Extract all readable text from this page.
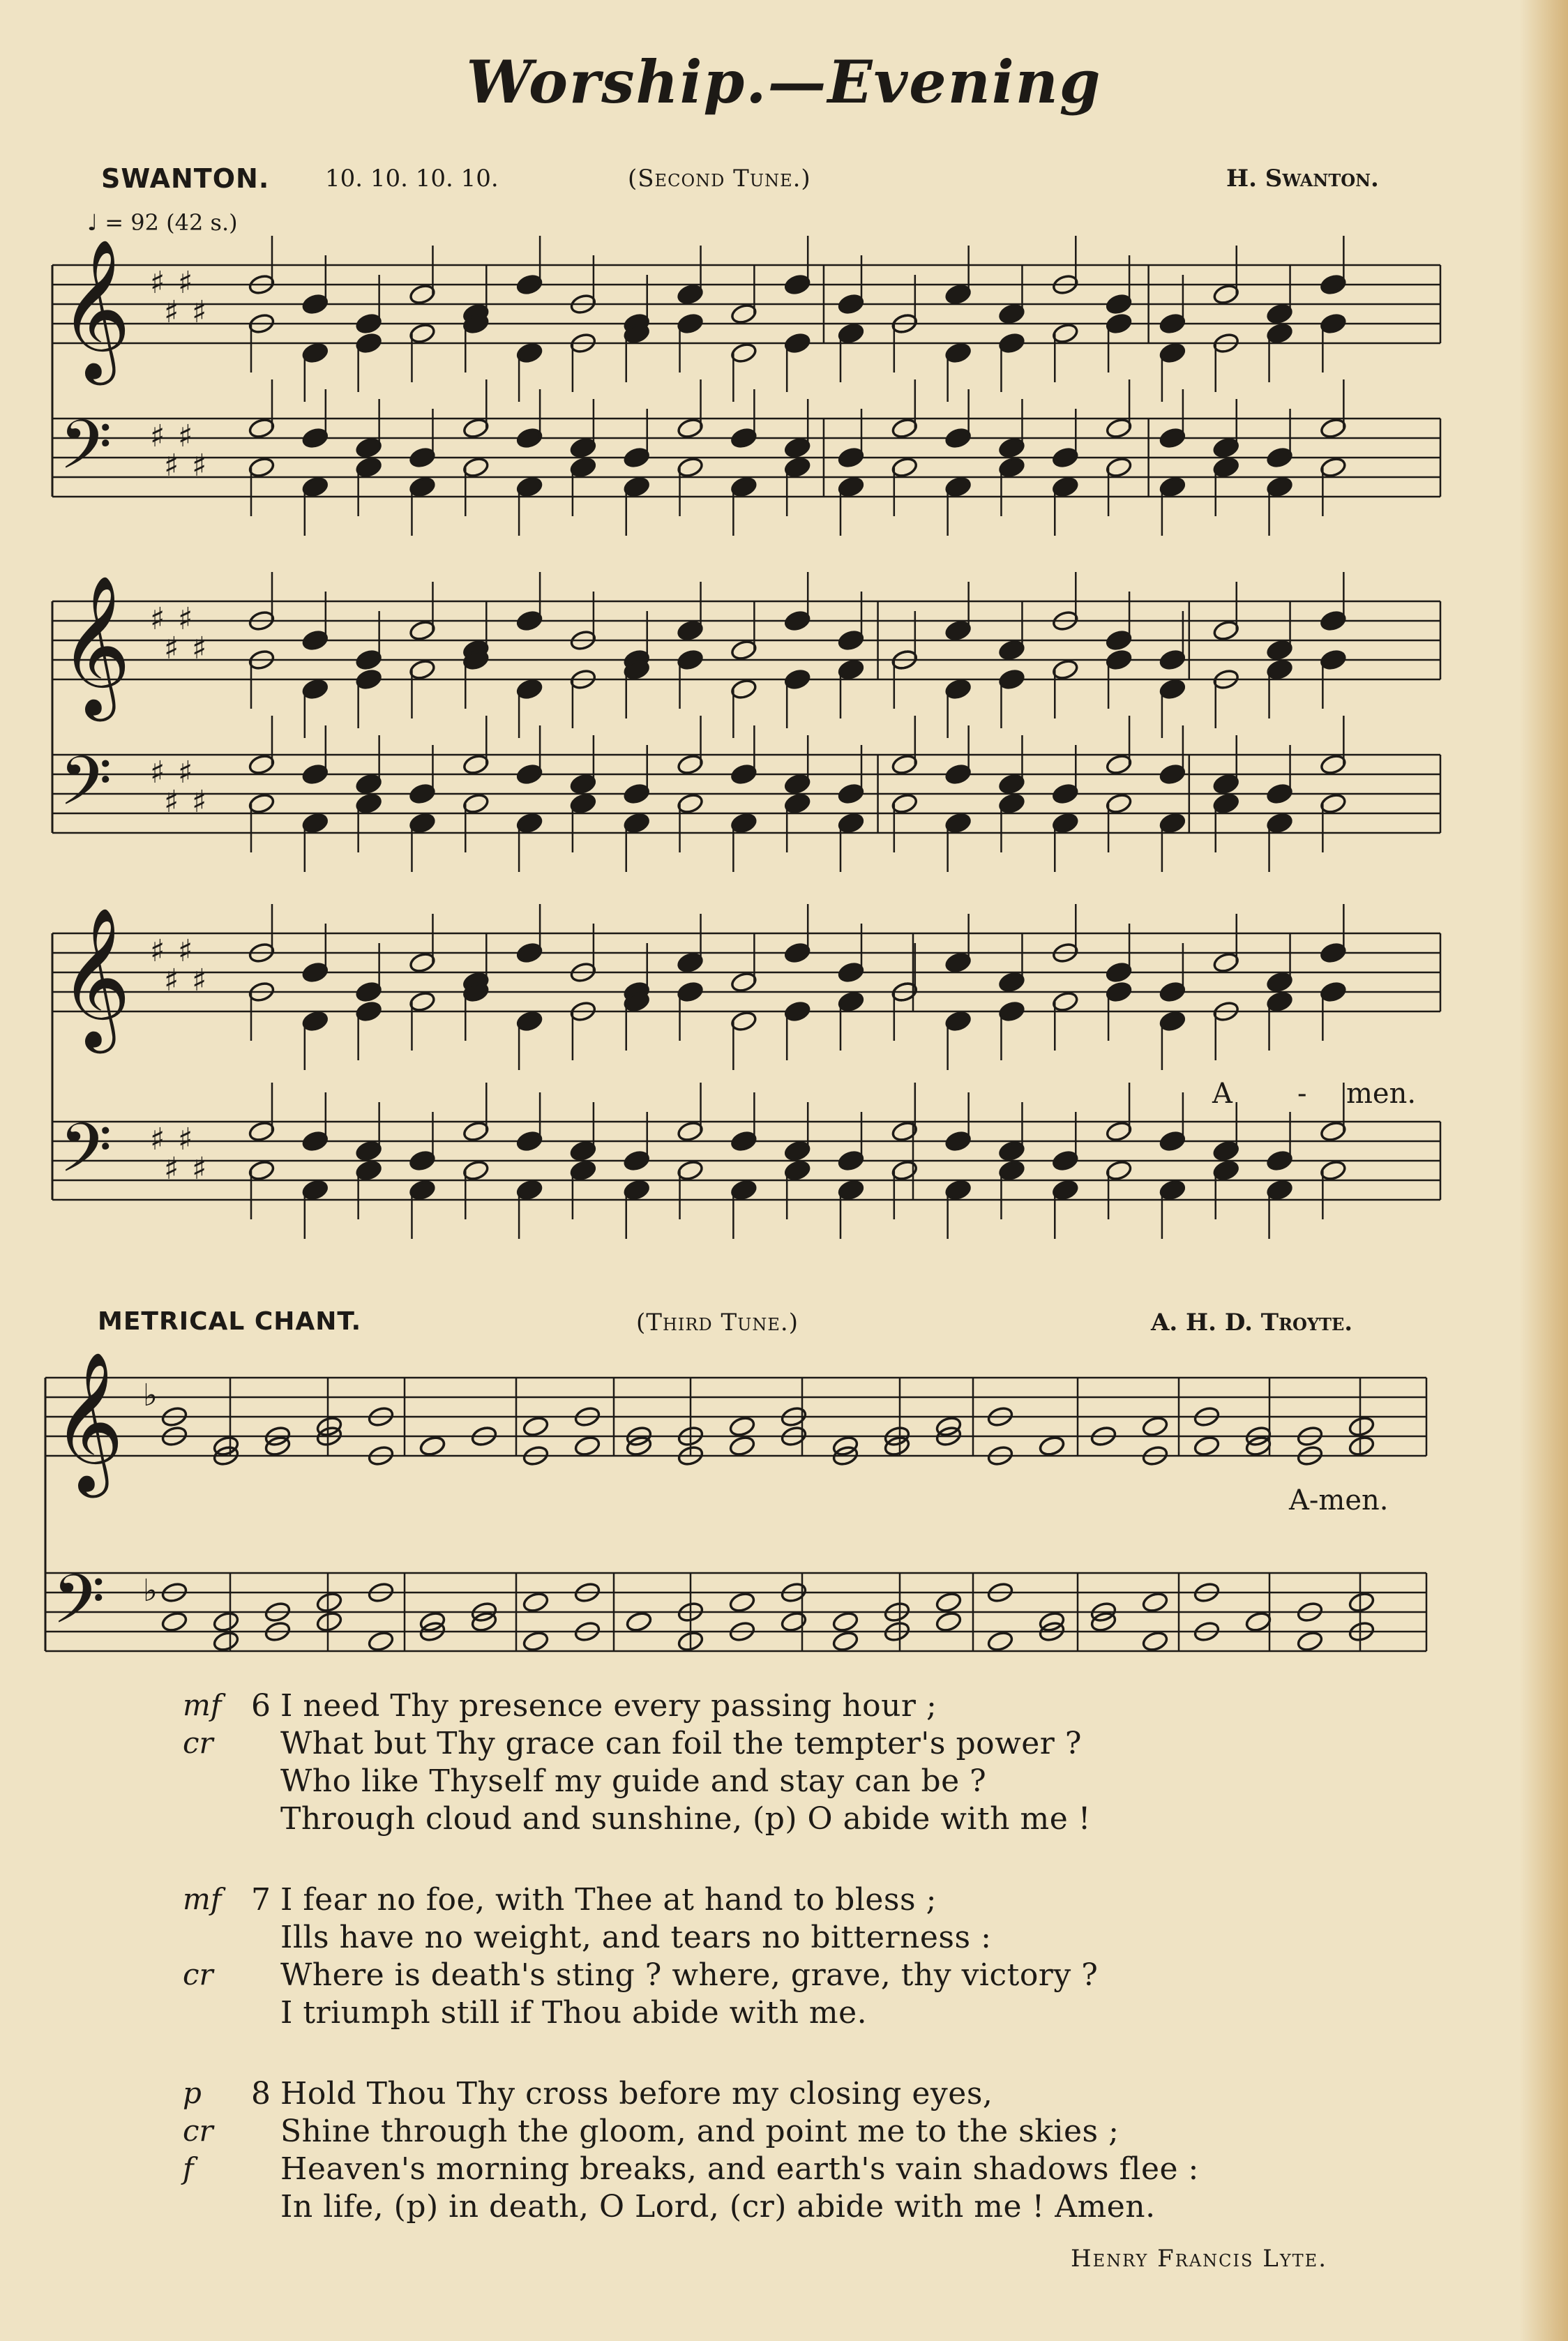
Worship.—Evening
SWANTON. 10. 10. 10. 10.	(Second Tune.)	H. Swanton.
♩ = 92 (42 s.)
𝄞
𝄢
♯
♯
♯
♯
♯
♯
♯
♯
𝄞
𝄢
♯
♯
♯
♯
♯
♯
♯
♯
𝄞
𝄢
♯
♯
♯
♯
♯
♯
♯
♯
𝄞
𝄢
♭
♭
A - men.
METRICAL CHANT.	(Third Tune.)	A. H. D. Troyte.
A-men.
mf 6 I need Thy presence every passing hour ;
cr	What but Thy grace can foil the tempter's power ?
Who like Thyself my guide and stay can be ?
Through cloud and sunshine, (p) O abide with me !
mf 7 I fear no foe, with Thee at hand to bless ;
Ills have no weight, and tears no bitterness :
cr	Where is death's sting ? where, grave, thy victory ?
I triumph still if Thou abide with me.
p	8 Hold Thou Thy cross before my closing eyes,
cr	Shine through the gloom, and point me to the skies ;
f	Heaven's morning breaks, and earth's vain shadows flee :
In life, (p) in death, O Lord, (cr) abide with me ! Amen.
Henry Francis Lyte.
